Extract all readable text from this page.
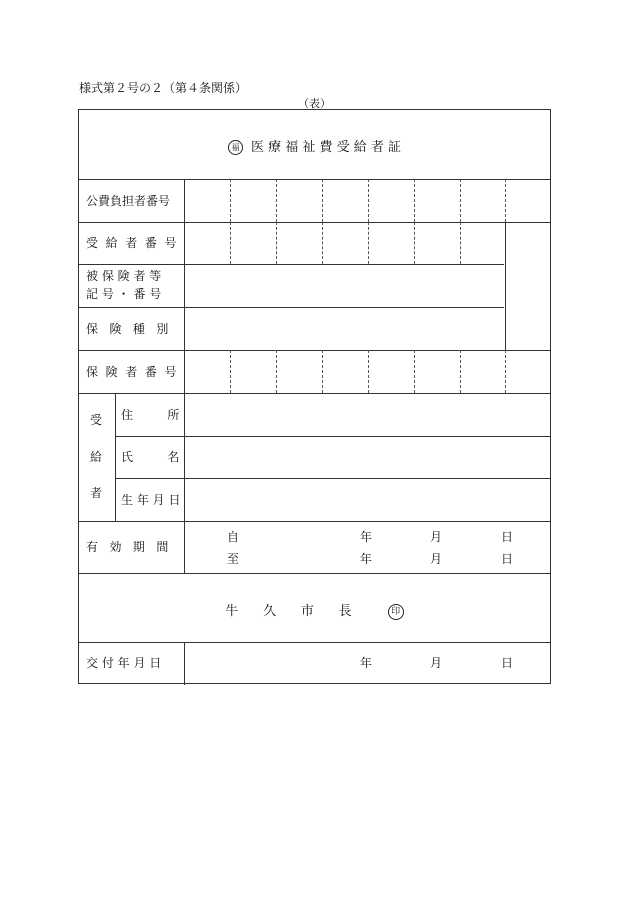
様式第２号の２（第４条関係）
（表）
福 医 療 福 祉 費 受 給 者 証
公費負担者番号
受  給  者  番  号
被 保 険 者 等
記 号 ・ 番 号
保   険   種   別
保  険  者  番  号
受
給
者
住         所
氏         名
生 年 月 日
有   効   期   間
自	年	月	日
至	年	月	日
牛      久      市      長	印
交 付 年 月 日	年	月	日
